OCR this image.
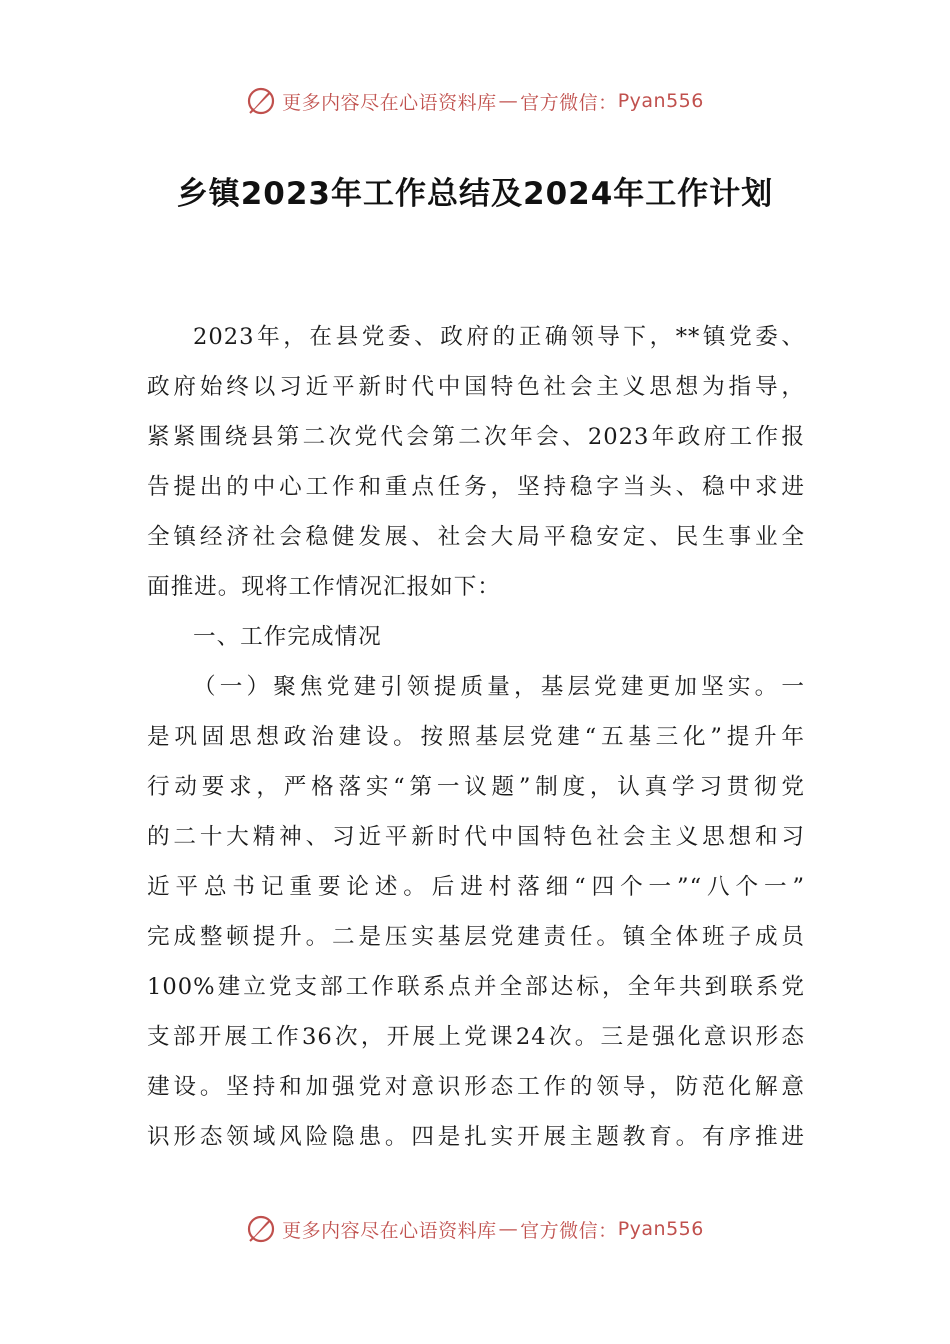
更多内容尽在心语资料库 — 官方微信： Pyan556
乡镇2023年工作总结及2024年工作计划
2023年，在县党委、政府的正确领导下，**镇党委、
政府始终以习近平新时代中国特色社会主义思想为指导，
紧紧围绕县第二次党代会第二次年会、2023年政府工作报
告提出的中心工作和重点任务，坚持稳字当头、稳中求进
全镇经济社会稳健发展、社会大局平稳安定、民生事业全
面推进。现将工作情况汇报如下：
一、工作完成情况
（一）聚焦党建引领提质量，基层党建更加坚实。一
是巩固思想政治建设。按照基层党建“五基三化”提升年
行动要求，严格落实“第一议题”制度，认真学习贯彻党
的二十大精神、习近平新时代中国特色社会主义思想和习
近平总书记重要论述。后进村落细“四个一”“八个一”
完成整顿提升。二是压实基层党建责任。镇全体班子成员
100%建立党支部工作联系点并全部达标，全年共到联系党
支部开展工作36次，开展上党课24次。三是强化意识形态
建设。坚持和加强党对意识形态工作的领导，防范化解意
识形态领域风险隐患。四是扎实开展主题教育。有序推进
更多内容尽在心语资料库 — 官方微信： Pyan556
